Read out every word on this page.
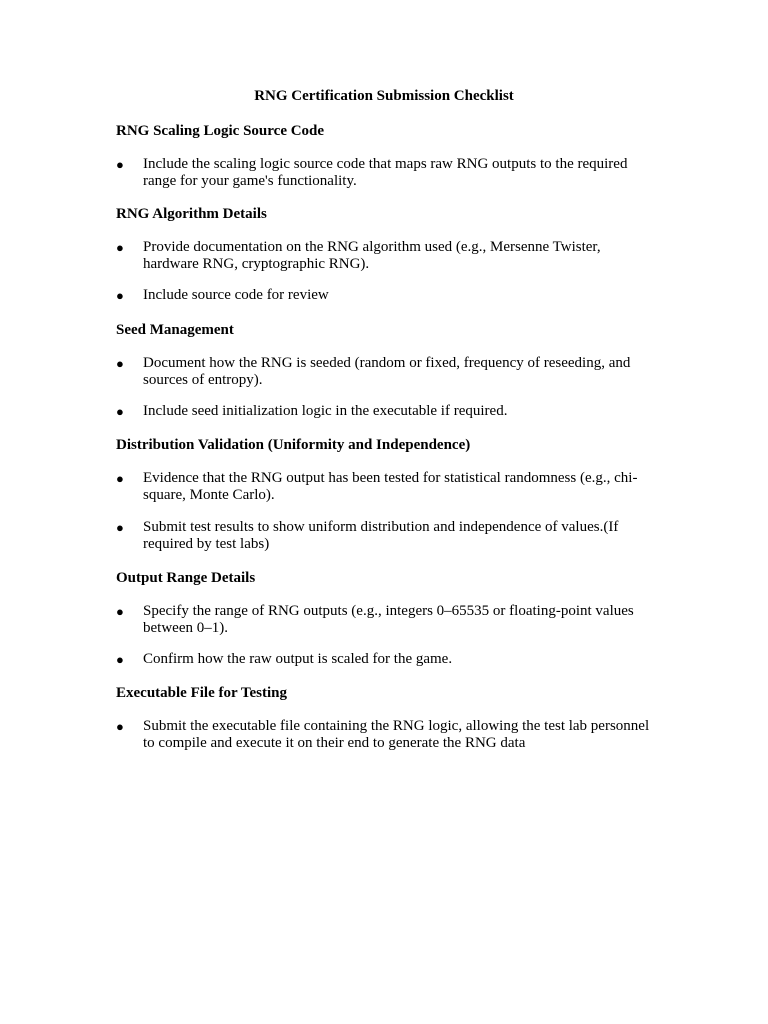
RNG Certification Submission Checklist
RNG Scaling Logic Source Code
● Include the scaling logic source code that maps raw RNG outputs to the required range for your game's functionality.
RNG Algorithm Details
● Provide documentation on the RNG algorithm used (e.g., Mersenne Twister, hardware RNG, cryptographic RNG).
● Include source code for review
Seed Management
● Document how the RNG is seeded (random or fixed, frequency of reseeding, and sources of entropy).
● Include seed initialization logic in the executable if required.
Distribution Validation (Uniformity and Independence)
● Evidence that the RNG output has been tested for statistical randomness (e.g., chi-square, Monte Carlo).
● Submit test results to show uniform distribution and independence of values.(If required by test labs)
Output Range Details
● Specify the range of RNG outputs (e.g., integers 0–65535 or floating-point values between 0–1).
● Confirm how the raw output is scaled for the game.
Executable File for Testing
● Submit the executable file containing the RNG logic, allowing the test lab personnel to compile and execute it on their end to generate the RNG data
